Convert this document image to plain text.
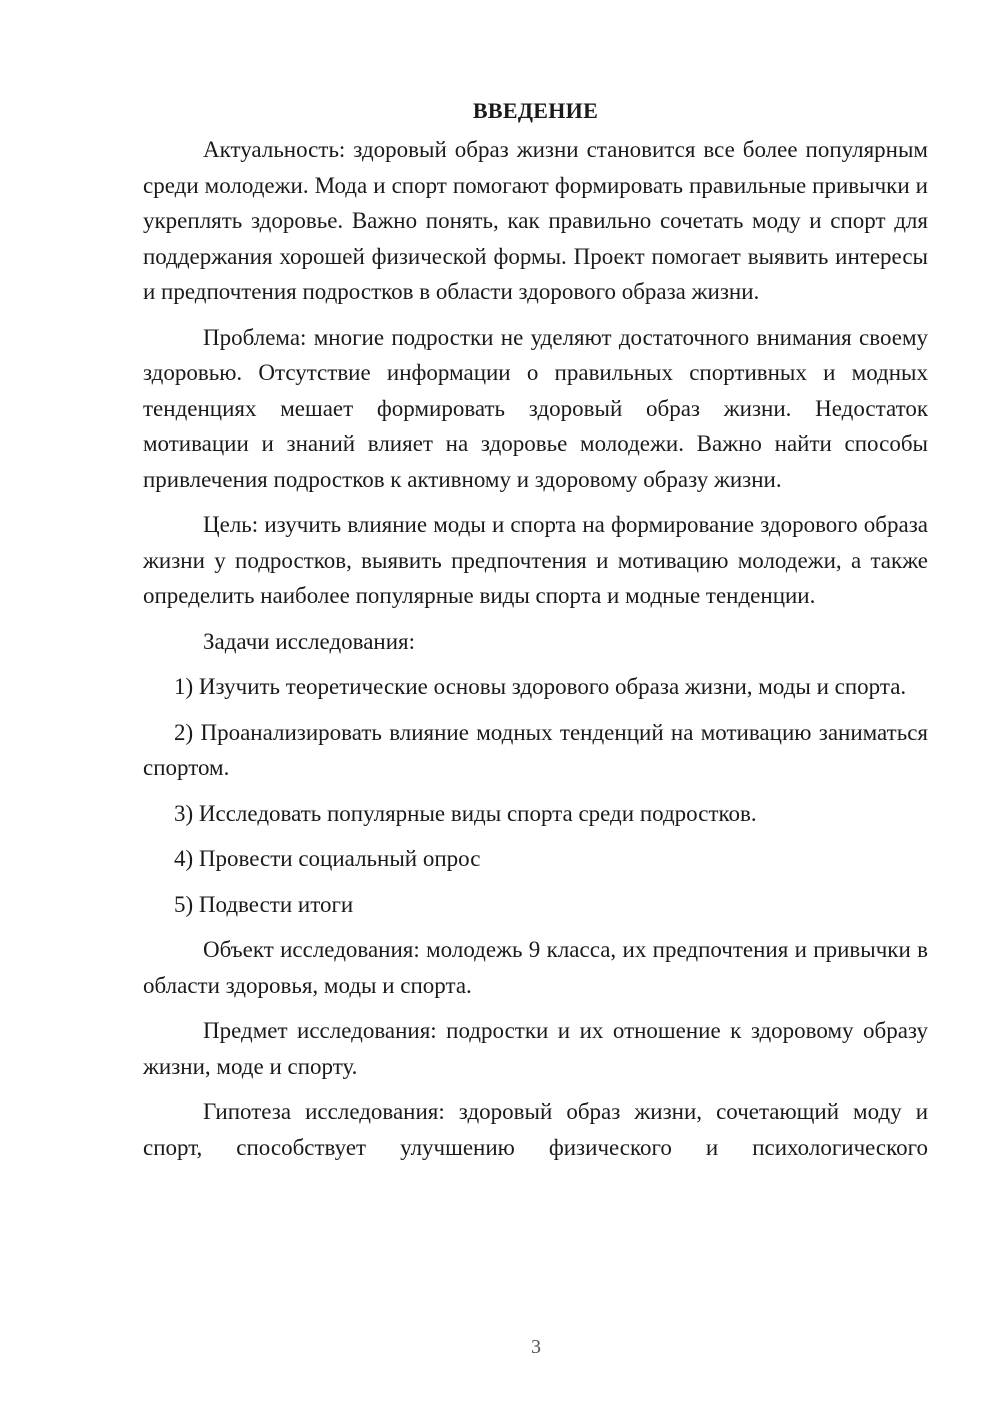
ВВЕДЕНИЕ

Актуальность: здоровый образ жизни становится все более популярным среди молодежи. Мода и спорт помогают формировать правильные привычки и укреплять здоровье. Важно понять, как правильно сочетать моду и спорт для поддержания хорошей физической формы. Проект помогает выявить интересы и предпочтения подростков в области здорового образа жизни.

Проблема: многие подростки не уделяют достаточного внимания своему здоровью. Отсутствие информации о правильных спортивных и модных тенденциях мешает формировать здоровый образ жизни. Недостаток мотивации и знаний влияет на здоровье молодежи. Важно найти способы привлечения подростков к активному и здоровому образу жизни.

Цель: изучить влияние моды и спорта на формирование здорового образа жизни у подростков, выявить предпочтения и мотивацию молодежи, а также определить наиболее популярные виды спорта и модные тенденции.

Задачи исследования:

1) Изучить теоретические основы здорового образа жизни, моды и спорта.

2) Проанализировать влияние модных тенденций на мотивацию заниматься спортом.

3) Исследовать популярные виды спорта среди подростков.

4) Провести социальный опрос

5) Подвести итоги

Объект исследования: молодежь 9 класса, их предпочтения и привычки в области здоровья, моды и спорта.

Предмет исследования: подростки и их отношение к здоровому образу жизни, моде и спорту.

Гипотеза исследования: здоровый образ жизни, сочетающий моду и спорт, способствует улучшению физического и психологического

3
